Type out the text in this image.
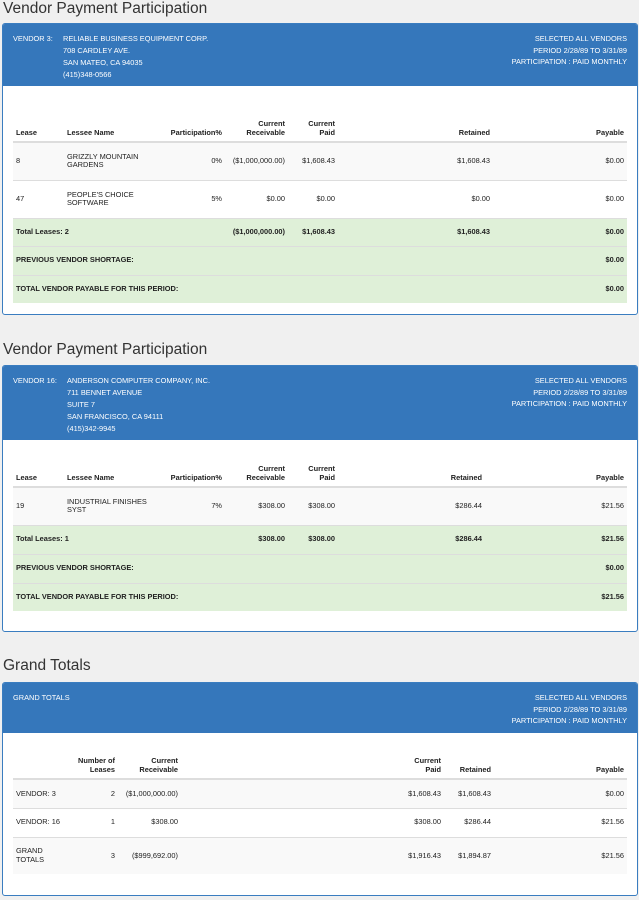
Vendor Payment Participation
VENDOR 3: RELIABLE BUSINESS EQUIPMENT CORP.
708 CARDLEY AVE.
SAN MATEO, CA 94035
(415)348-0566
SELECTED ALL VENDORS
PERIOD 2/28/89 TO 3/31/89
PARTICIPATION : PAID MONTHLY
Lease	Lessee Name	Participation%	Current Receivable	Current Paid	Retained	Payable
8	GRIZZLY MOUNTAIN GARDENS	0%	($1,000,000.00)	$1,608.43	$1,608.43	$0.00
47	PEOPLE'S CHOICE SOFTWARE	5%	$0.00	$0.00	$0.00	$0.00
Total Leases: 2			($1,000,000.00)	$1,608.43	$1,608.43	$0.00
PREVIOUS VENDOR SHORTAGE:						$0.00
TOTAL VENDOR PAYABLE FOR THIS PERIOD:						$0.00
Vendor Payment Participation
VENDOR 16: ANDERSON COMPUTER COMPANY, INC.
711 BENNET AVENUE
SUITE 7
SAN FRANCISCO, CA 94111
(415)342-9945
SELECTED ALL VENDORS
PERIOD 2/28/89 TO 3/31/89
PARTICIPATION : PAID MONTHLY
Lease	Lessee Name	Participation%	Current Receivable	Current Paid	Retained	Payable
19	INDUSTRIAL FINISHES SYST	7%	$308.00	$308.00	$286.44	$21.56
Total Leases: 1			$308.00	$308.00	$286.44	$21.56
PREVIOUS VENDOR SHORTAGE:						$0.00
TOTAL VENDOR PAYABLE FOR THIS PERIOD:						$21.56
Grand Totals
GRAND TOTALS	SELECTED ALL VENDORS
PERIOD 2/28/89 TO 3/31/89
PARTICIPATION : PAID MONTHLY
	Number of Leases	Current Receivable		Current Paid	Retained	Payable
VENDOR: 3	2	($1,000,000.00)		$1,608.43	$1,608.43	$0.00
VENDOR: 16	1	$308.00		$308.00	$286.44	$21.56
GRAND TOTALS	3	($999,692.00)		$1,916.43	$1,894.87	$21.56
